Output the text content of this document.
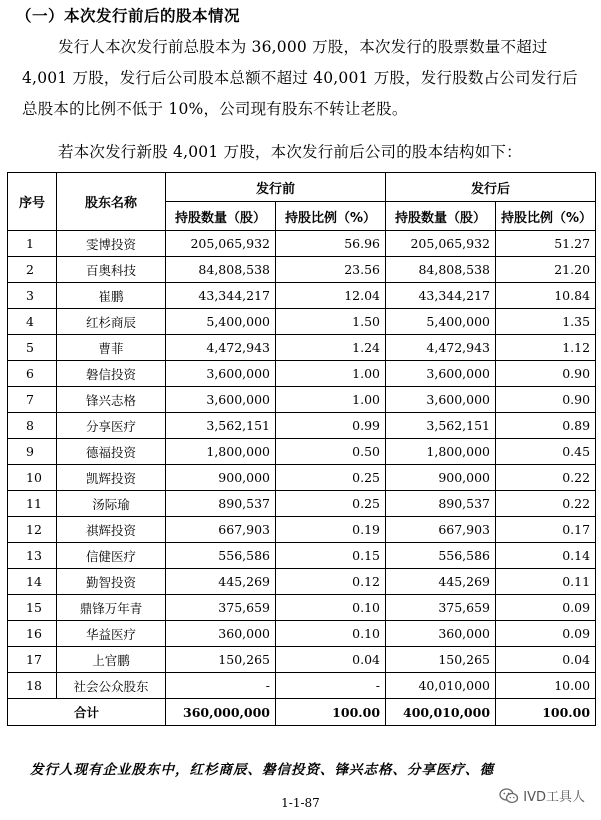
（一）本次发行前后的股本情况
发行人本次发行前总股本为 36,000 万股，本次发行的股票数量不超过 4,001 万股，发行后公司股本总额不超过 40,001 万股，发行股数占公司发行后总股本的比例不低于 10%，公司现有股东不转让老股。
若本次发行新股 4,001 万股，本次发行前后公司的股本结构如下：
序号	股东名称	发行前		发行后	
		持股数量（股）	持股比例（%）	持股数量（股）	持股比例（%）
1	雯博投资	205,065,932	56.96	205,065,932	51.27
2	百奥科技	84,808,538	23.56	84,808,538	21.20
3	崔鹏	43,344,217	12.04	43,344,217	10.84
4	红杉商辰	5,400,000	1.50	5,400,000	1.35
5	曹菲	4,472,943	1.24	4,472,943	1.12
6	磐信投资	3,600,000	1.00	3,600,000	0.90
7	锋兴志格	3,600,000	1.00	3,600,000	0.90
8	分享医疗	3,562,151	0.99	3,562,151	0.89
9	德福投资	1,800,000	0.50	1,800,000	0.45
10	凯辉投资	900,000	0.25	900,000	0.22
11	汤际瑜	890,537	0.25	890,537	0.22
12	祺辉投资	667,903	0.19	667,903	0.17
13	信健医疗	556,586	0.15	556,586	0.14
14	勤智投资	445,269	0.12	445,269	0.11
15	鼎锋万年青	375,659	0.10	375,659	0.09
16	华益医疗	360,000	0.10	360,000	0.09
17	上官鹏	150,265	0.04	150,265	0.04
18	社会公众股东	-	-	40,010,000	10.00
合计		360,000,000	100.00	400,010,000	100.00
发行人现有企业股东中，红杉商辰、磐信投资、锋兴志格、分享医疗、德
1-1-87	IVD工具人
